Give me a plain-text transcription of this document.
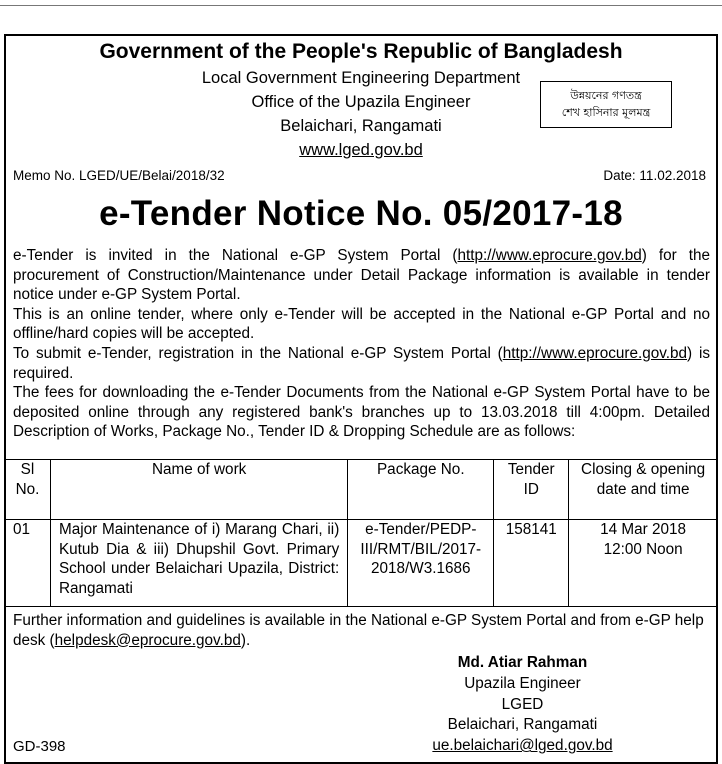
Government of the People's Republic of Bangladesh
Local Government Engineering Department
Office of the Upazila Engineer
Belaichari, Rangamati
www.lged.gov.bd
উন্নয়নের গণতন্ত্র
শেখ হাসিনার মূলমন্ত্র
Memo No. LGED/UE/Belai/2018/32	Date: 11.02.2018
e-Tender Notice No. 05/2017-18

e-Tender is invited in the National e-GP System Portal (http://www.eprocure.gov.bd) for the procurement of Construction/Maintenance under Detail Package information is available in tender notice under e-GP System Portal.

This is an online tender, where only e-Tender will be accepted in the National e-GP Portal and no offline/hard copies will be accepted.

To submit e-Tender, registration in the National e-GP System Portal (http://www.eprocure.gov.bd) is required.

The fees for downloading the e-Tender Documents from the National e-GP System Portal have to be deposited online through any registered bank's branches up to 13.03.2018 till 4:00pm. Detailed Description of Works, Package No., Tender ID & Dropping Schedule are as follows:

Sl No.	Name of work	Package No.	Tender ID	Closing & opening date and time
01	Major Maintenance of i) Marang Chari, ii) Kutub Dia & iii) Dhupshil Govt. Primary School under Belaichari Upazila, District: Rangamati	e-Tender/PEDP-III/RMT/BIL/2017-2018/W3.1686	158141	14 Mar 2018
12:00 Noon
Further information and guidelines is available in the National e-GP System Portal and from e-GP help desk (helpdesk@eprocure.gov.bd).
Md. Atiar Rahman
Upazila Engineer
LGED
Belaichari, Rangamati
ue.belaichari@lged.gov.bd
GD-398
